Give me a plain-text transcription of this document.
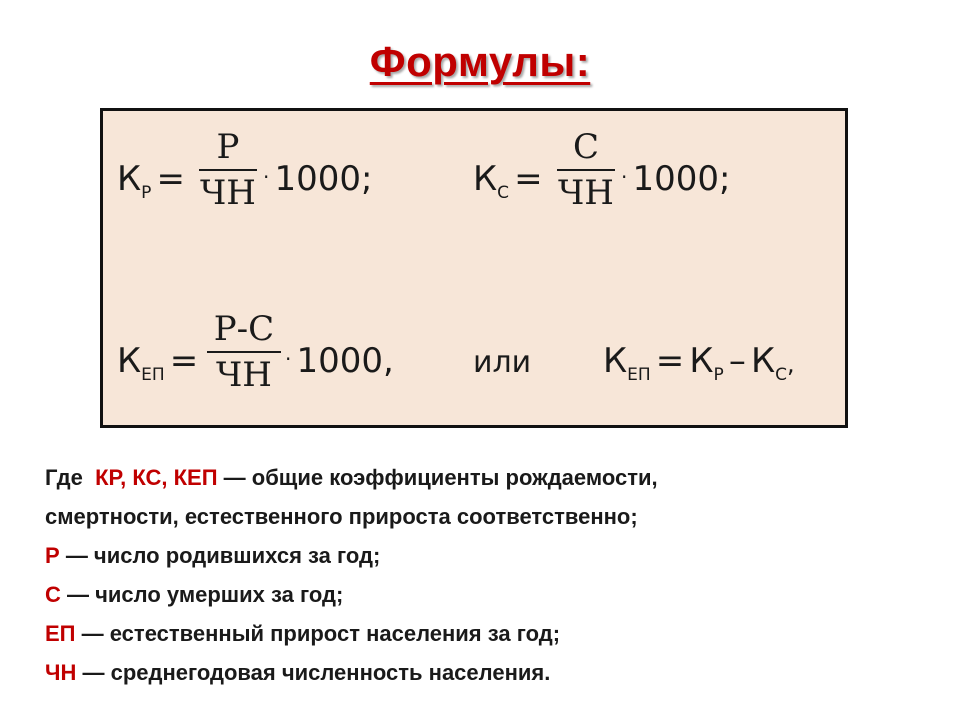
Формулы:
КР =
Р
ЧН · 1000;	КС =
С
ЧН · 1000;
КЕП =
Р-С
ЧН · 1000,	или КЕП = КР – КС,
Где КР, КС, КЕП — общие коэффициенты рождаемости,
смертности, естественного прироста соответственно;
Р — число родившихся за год;
С — число умерших за год;
ЕП — естественный прирост населения за год;
ЧН — среднегодовая численность населения.
